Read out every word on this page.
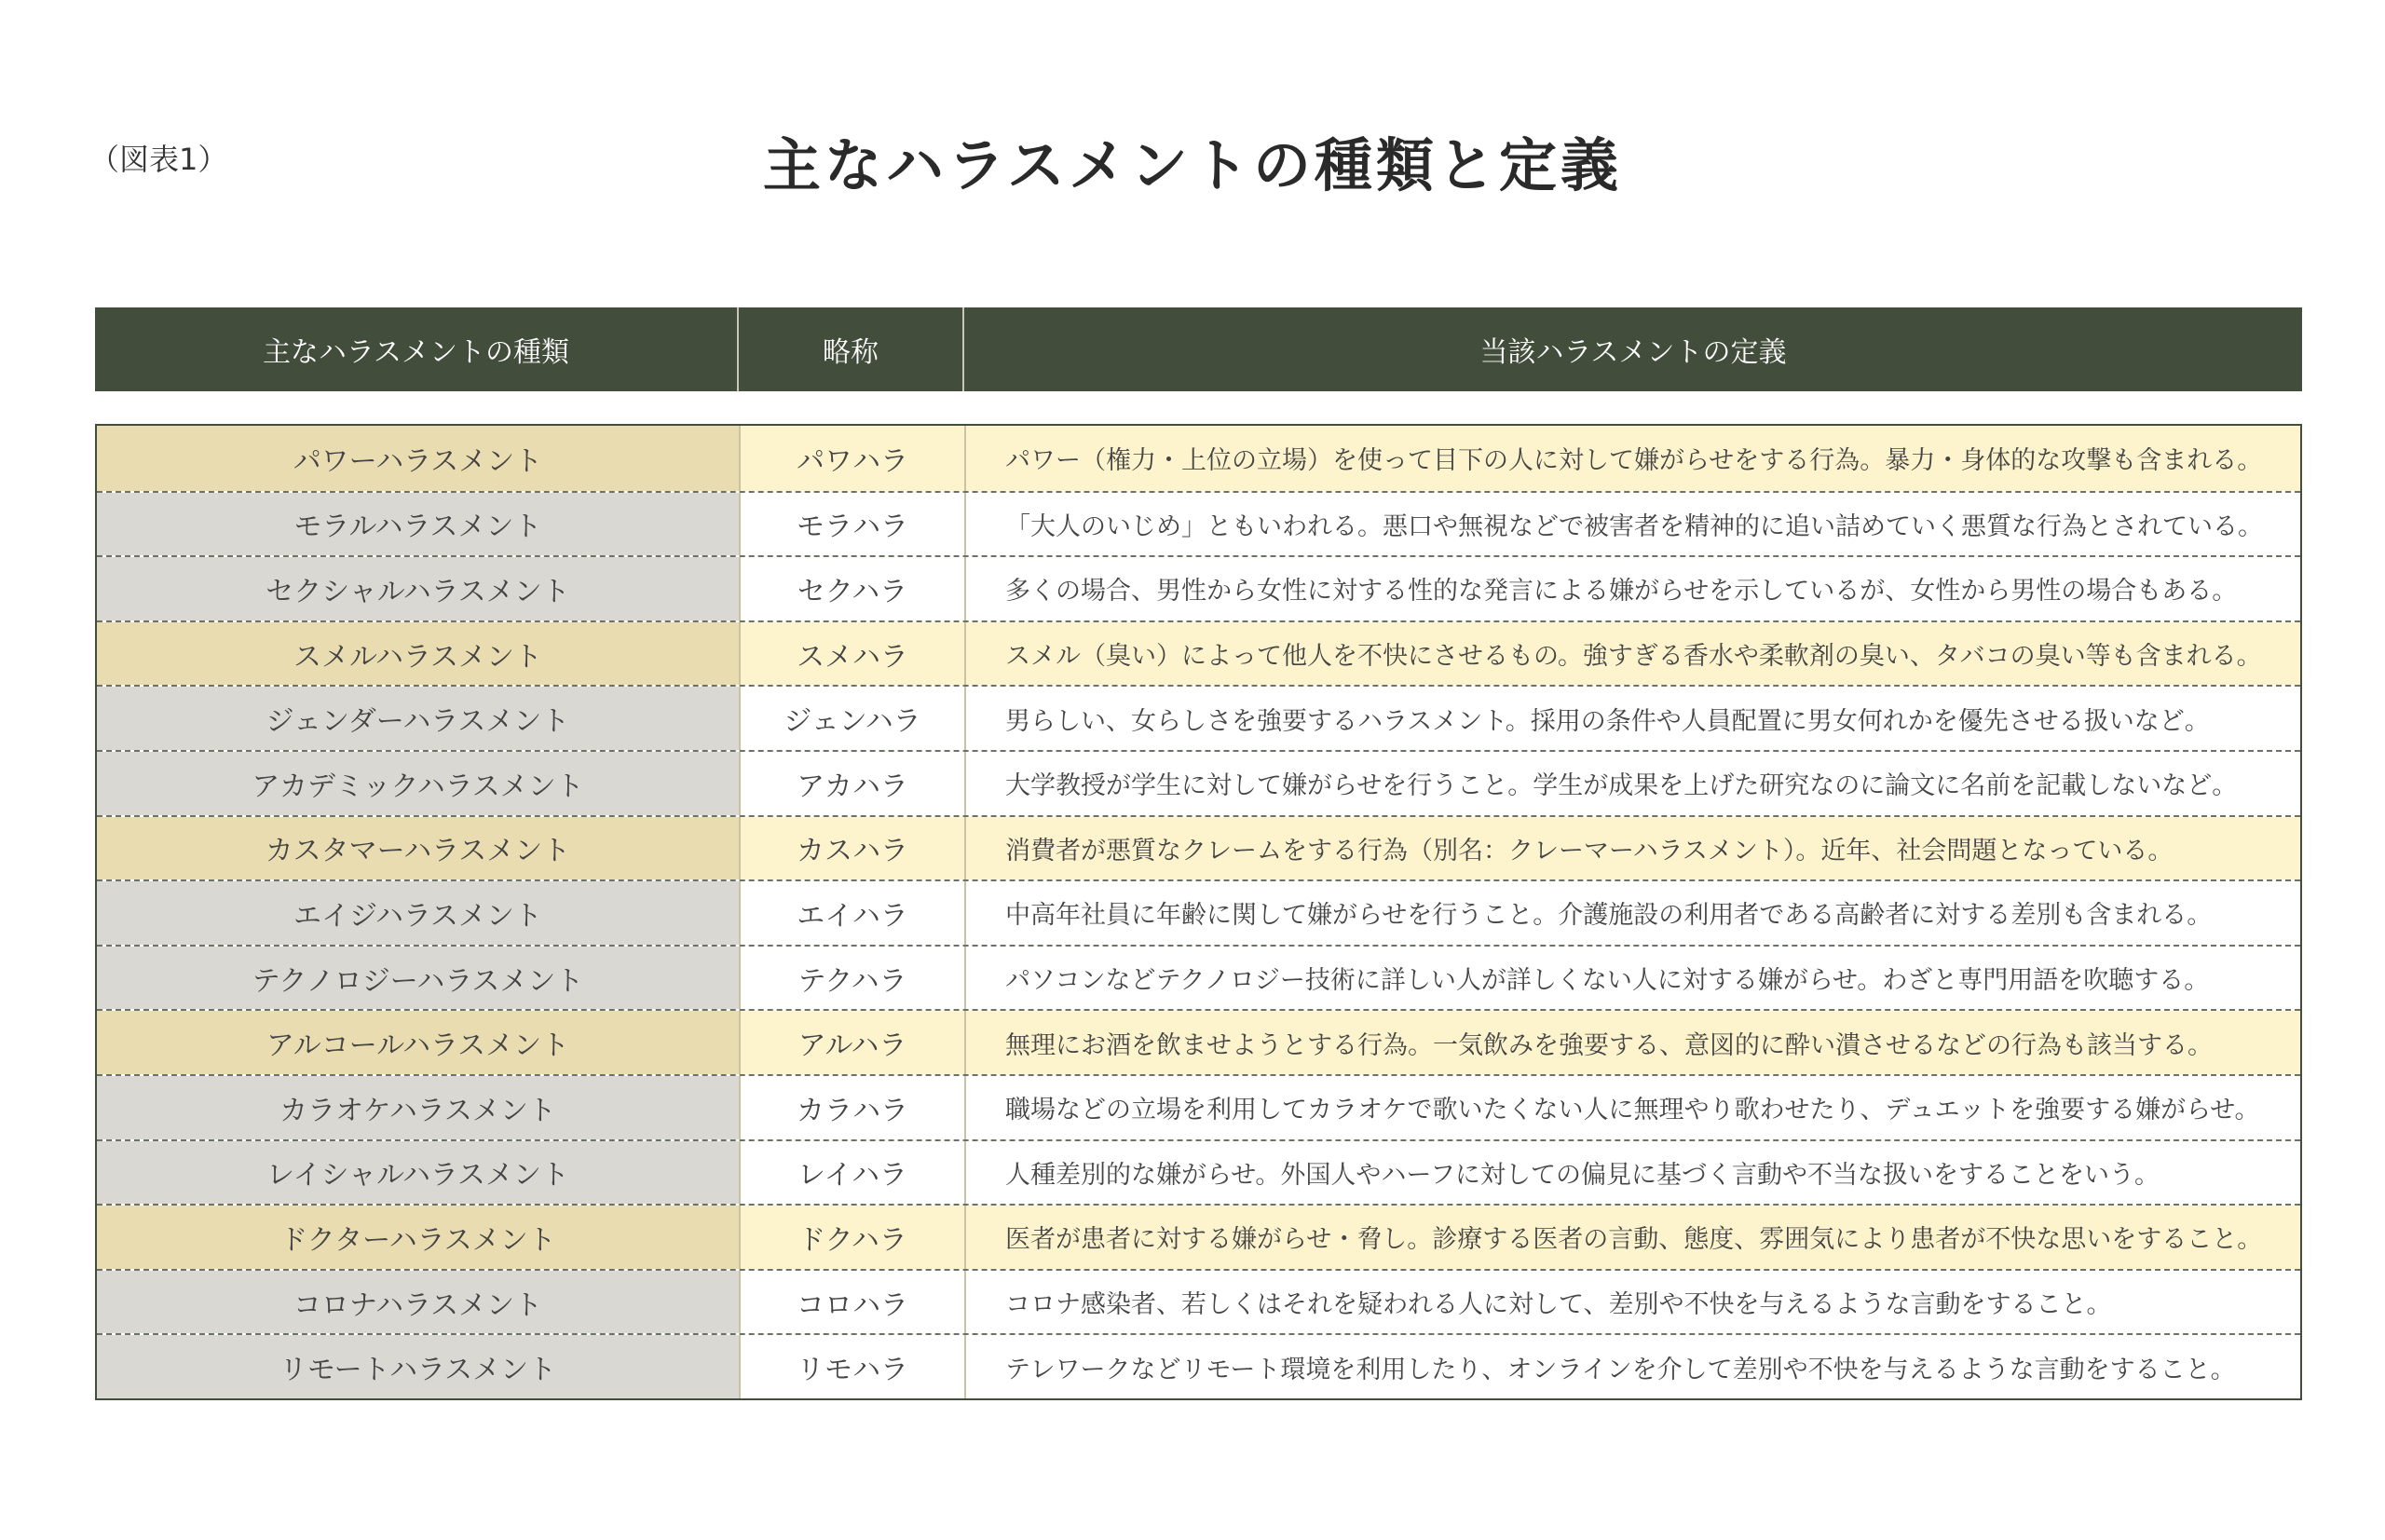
（図表1）	主なハラスメントの種類と定義
主なハラスメントの種類	略称	当該ハラスメントの定義
パワーハラスメント	パワハラ	パワー（権力・上位の立場）を使って目下の人に対して嫌がらせをする行為。暴力・身体的な攻撃も含まれる。
モラルハラスメント	モラハラ	「大人のいじめ」ともいわれる。悪口や無視などで被害者を精神的に追い詰めていく悪質な行為とされている。
セクシャルハラスメント	セクハラ	多くの場合、男性から女性に対する性的な発言による嫌がらせを示しているが、女性から男性の場合もある。
スメルハラスメント	スメハラ	スメル（臭い）によって他人を不快にさせるもの。強すぎる香水や柔軟剤の臭い、タバコの臭い等も含まれる。
ジェンダーハラスメント	ジェンハラ	男らしい、女らしさを強要するハラスメント。採用の条件や人員配置に男女何れかを優先させる扱いなど。
アカデミックハラスメント	アカハラ	大学教授が学生に対して嫌がらせを行うこと。学生が成果を上げた研究なのに論文に名前を記載しないなど。
カスタマーハラスメント	カスハラ	消費者が悪質なクレームをする行為（別名：クレーマーハラスメント）。近年、社会問題となっている。
エイジハラスメント	エイハラ	中高年社員に年齢に関して嫌がらせを行うこと。介護施設の利用者である高齢者に対する差別も含まれる。
テクノロジーハラスメント	テクハラ	パソコンなどテクノロジー技術に詳しい人が詳しくない人に対する嫌がらせ。わざと専門用語を吹聴する。
アルコールハラスメント	アルハラ	無理にお酒を飲ませようとする行為。一気飲みを強要する、意図的に酔い潰させるなどの行為も該当する。
カラオケハラスメント	カラハラ	職場などの立場を利用してカラオケで歌いたくない人に無理やり歌わせたり、デュエットを強要する嫌がらせ。
レイシャルハラスメント	レイハラ	人種差別的な嫌がらせ。外国人やハーフに対しての偏見に基づく言動や不当な扱いをすることをいう。
ドクターハラスメント	ドクハラ	医者が患者に対する嫌がらせ・脅し。診療する医者の言動、態度、雰囲気により患者が不快な思いをすること。
コロナハラスメント	コロハラ	コロナ感染者、若しくはそれを疑われる人に対して、差別や不快を与えるような言動をすること。
リモートハラスメント	リモハラ	テレワークなどリモート環境を利用したり、オンラインを介して差別や不快を与えるような言動をすること。
